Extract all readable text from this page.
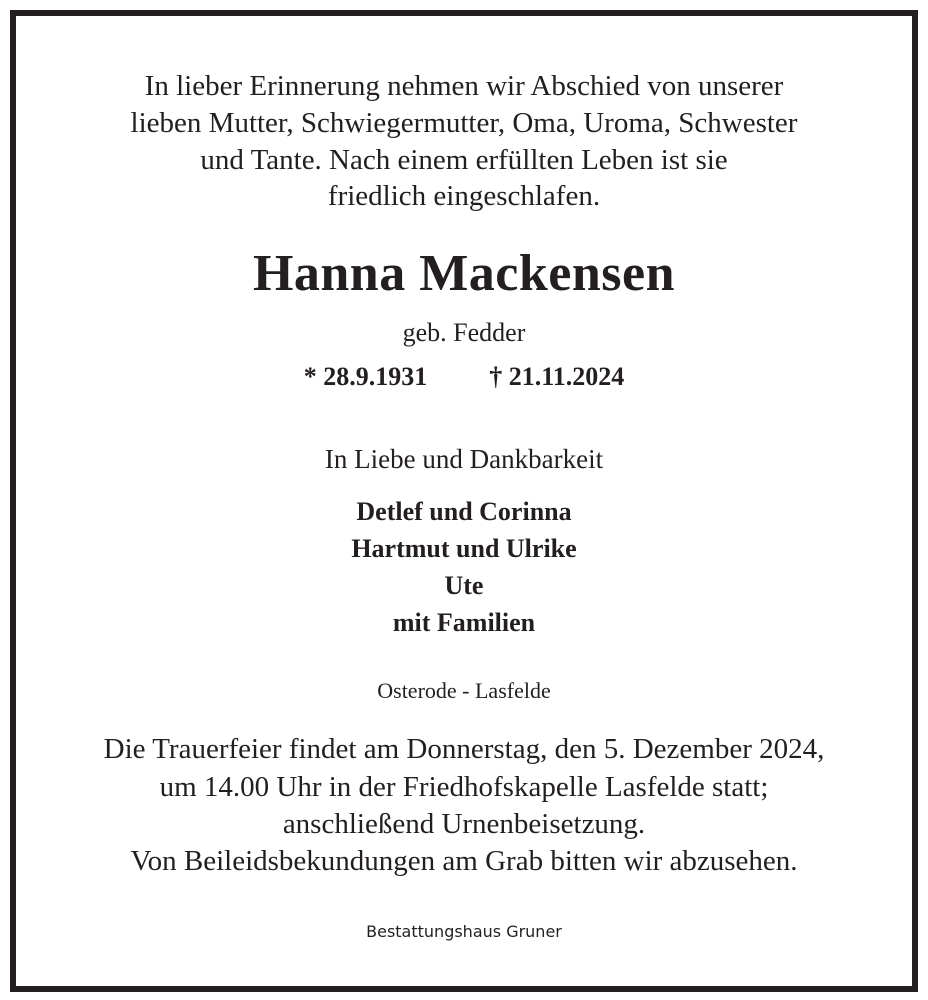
In lieber Erinnerung nehmen wir Abschied von unserer
lieben Mutter, Schwiegermutter, Oma, Uroma, Schwester
und Tante. Nach einem erfüllten Leben ist sie
friedlich eingeschlafen.
Hanna Mackensen
geb. Fedder
* 28.9.1931 † 21.11.2024
In Liebe und Dankbarkeit
Detlef und Corinna
Hartmut und Ulrike
Ute
mit Familien
Osterode - Lasfelde
Die Trauerfeier findet am Donnerstag, den 5. Dezember 2024,
um 14.00 Uhr in der Friedhofskapelle Lasfelde statt;
anschließend Urnenbeisetzung.
Von Beileidsbekundungen am Grab bitten wir abzusehen.
Bestattungshaus Gruner
